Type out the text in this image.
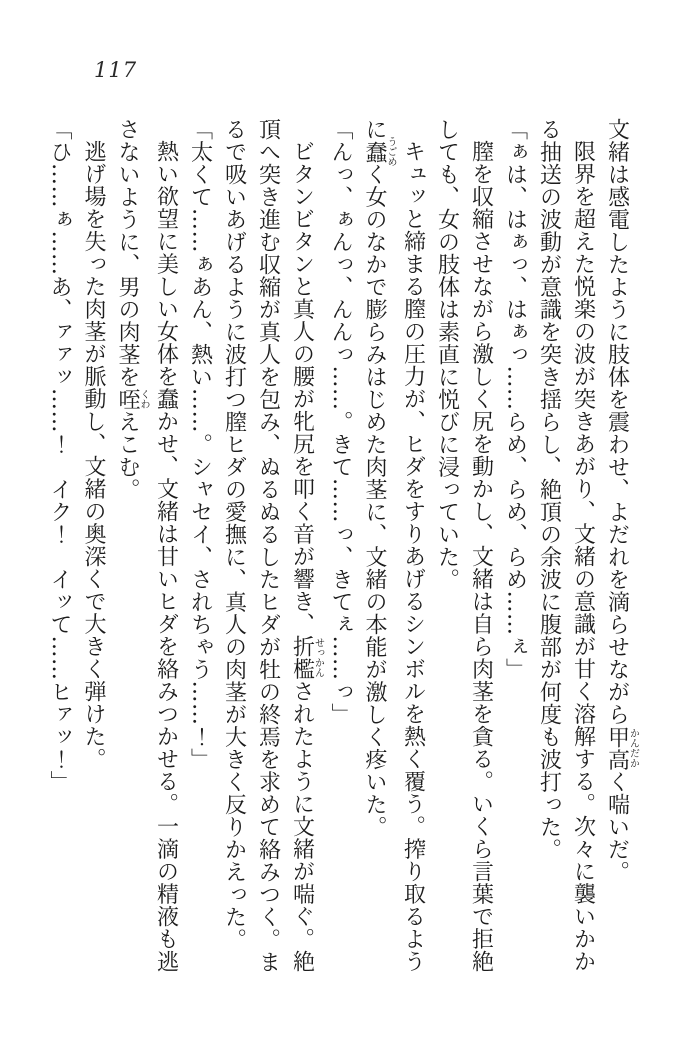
117

文緒は感電したように肢体を震わせ、よだれを滴らせながら甲高かんだかく喘いだ。

限界を超えた悦楽の波が突きあがり、文緒の意識が甘く溶解する。次々に襲いかか

る抽送の波動が意識を突き揺らし、絶頂の余波に腹部が何度も波打った。

「ぁは、はぁっ、はぁっ……らめ、らめ、らめ……ぇ」

膣を収縮させながら激しく尻を動かし、文緒は自ら肉茎を貪る。いくら言葉で拒絶

しても、女の肢体は素直に悦びに浸っていた。

キュッと締まる膣の圧力が、ヒダをすりあげるシンボルを熱く覆う。搾り取るよう

に蠢うごめく女のなかで膨らみはじめた肉茎に、文緒の本能が激しく疼いた。

「んっ、ぁんっ、んんっ……。きて……っ、きてぇ……っ」

ビタンビタンと真人の腰が牝尻を叩く音が響き、折檻せっかんされたように文緒が喘ぐ。絶

頂へ突き進む収縮が真人を包み、ぬるぬるしたヒダが牡の終焉を求めて絡みつく。ま

るで吸いあげるように波打つ膣ヒダの愛撫に、真人の肉茎が大きく反りかえった。

「太くて……ぁあん、熱い……。シャセイ、されちゃう……！」

熱い欲望に美しい女体を蠢かせ、文緒は甘いヒダを絡みつかせる。一滴の精液も逃

さないように、男の肉茎を咥くわえこむ。

逃げ場を失った肉茎が脈動し、文緒の奥深くで大きく弾けた。

「ひ……ぁ……あ、ァァッ……！　イク！　イッて……ヒァッ！」
